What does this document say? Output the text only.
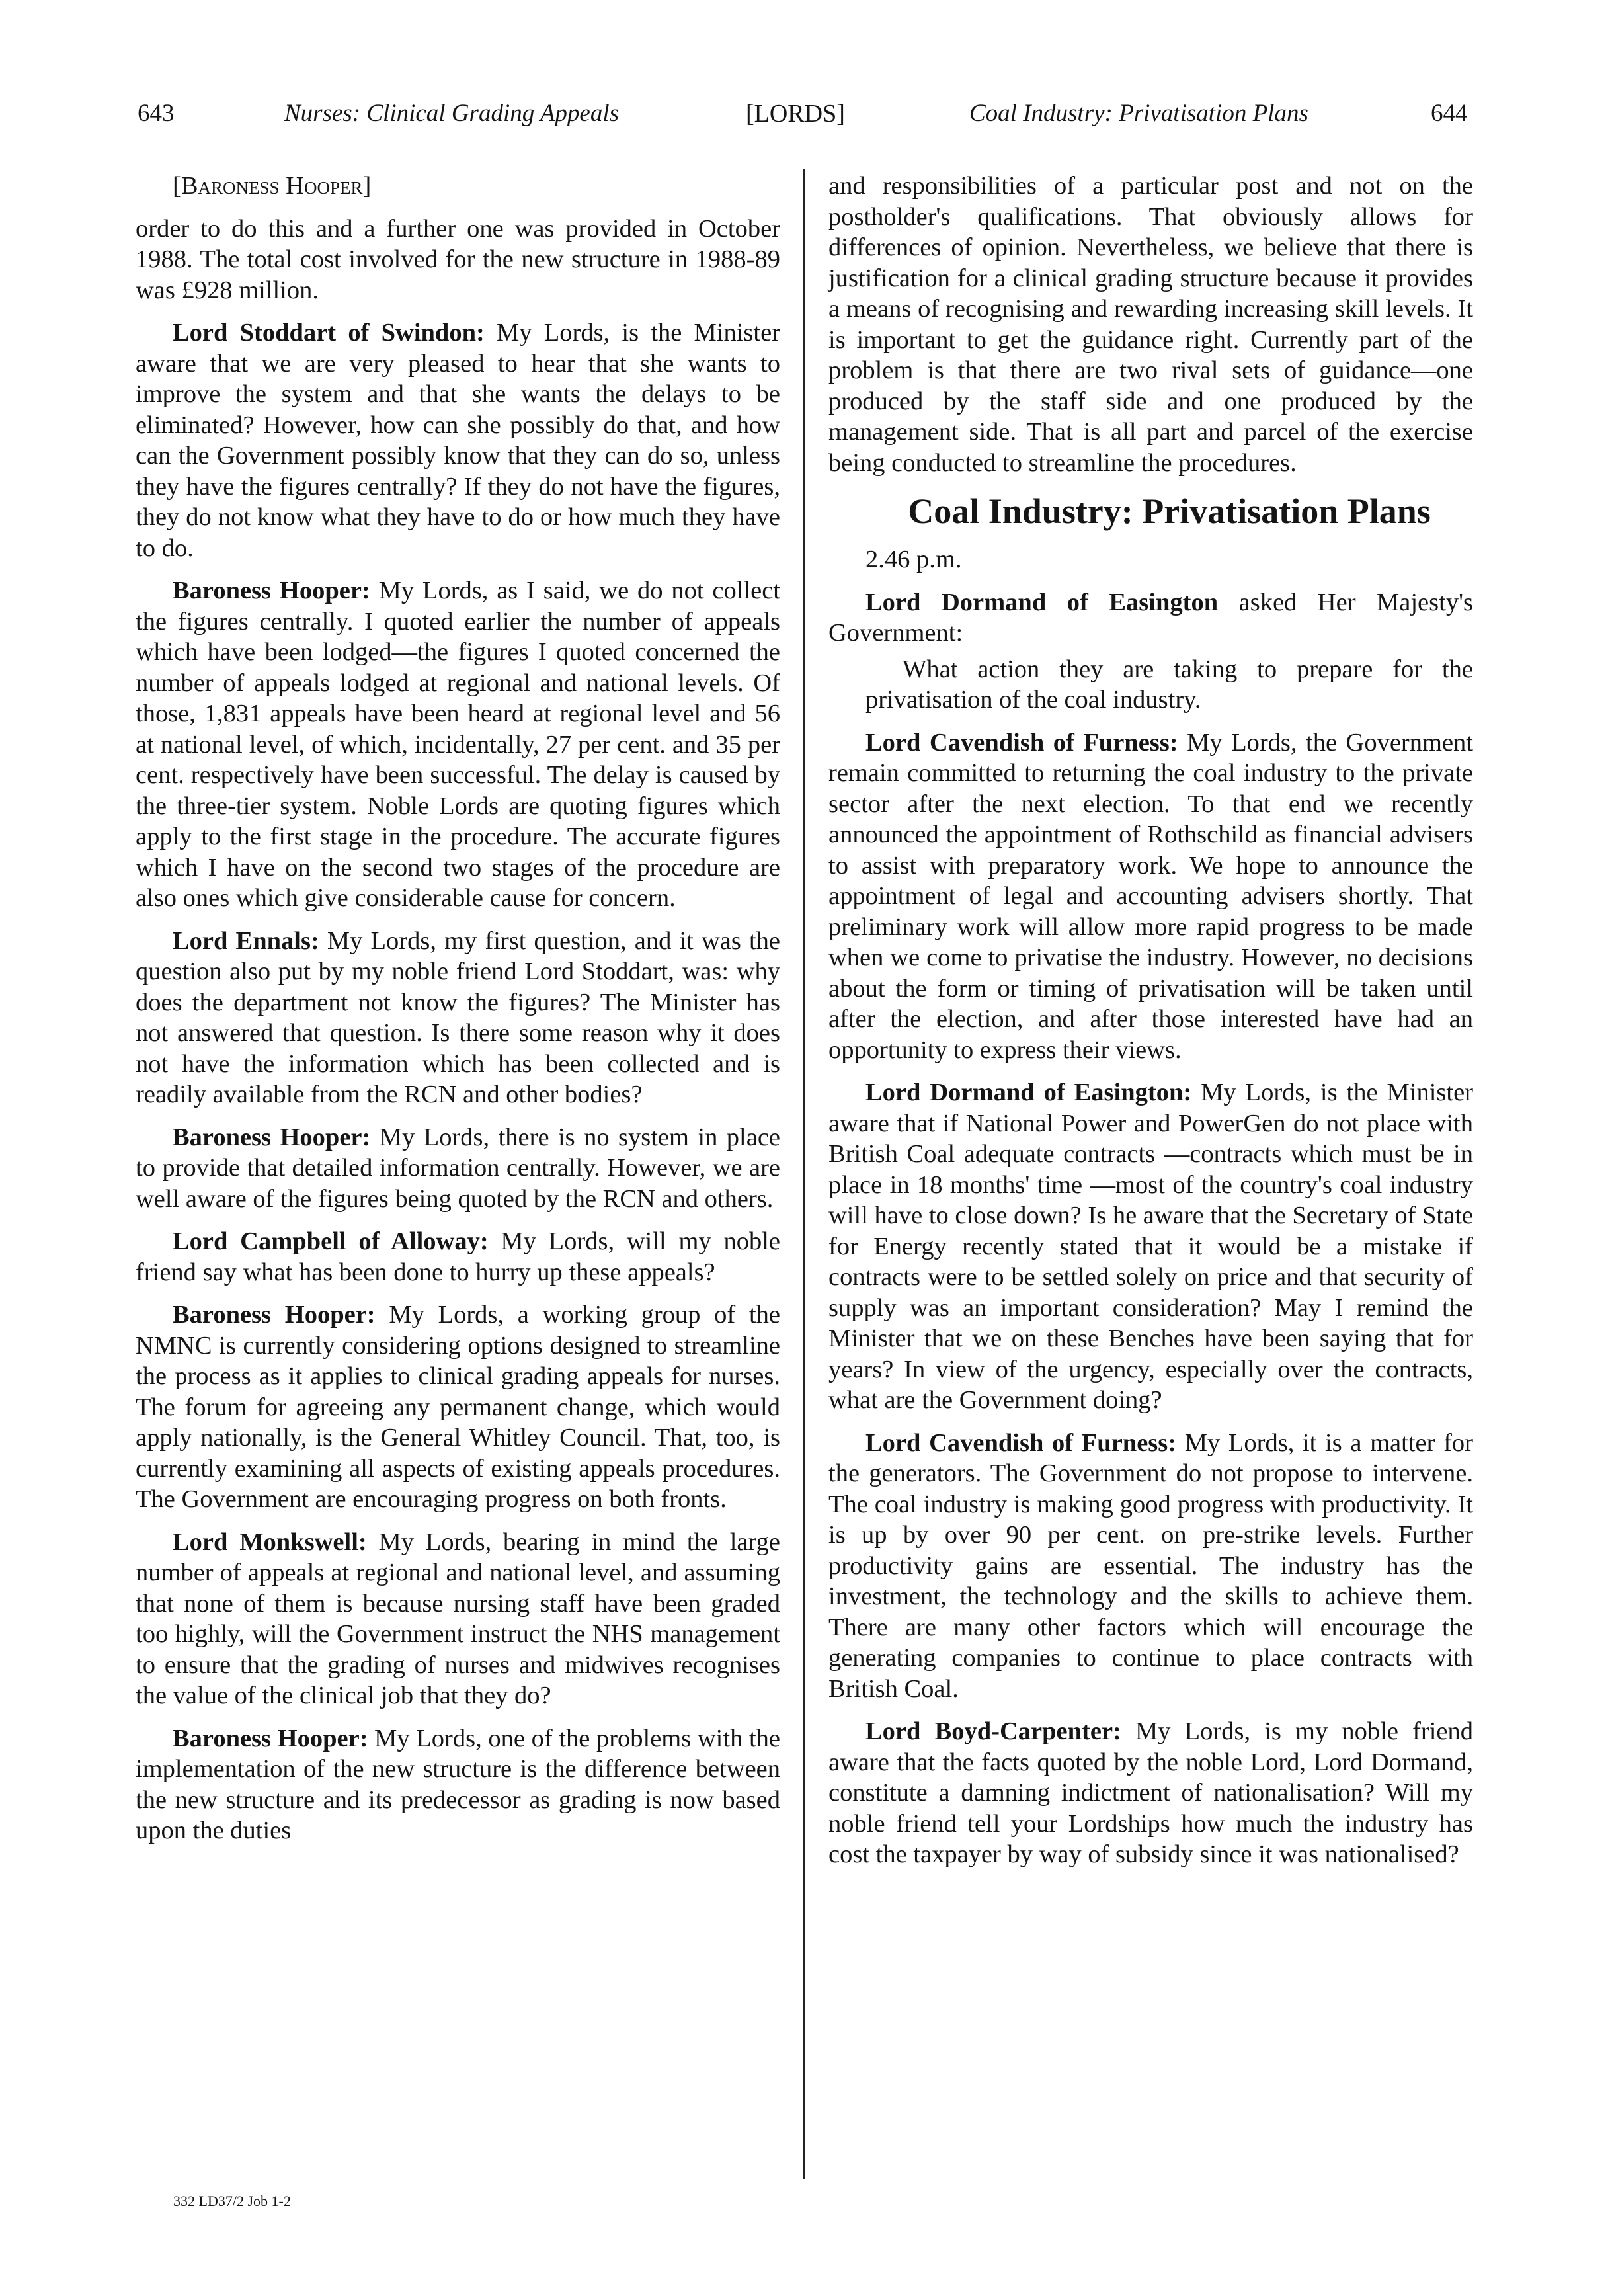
643	Nurses: Clinical Grading Appeals	[LORDS]	Coal Industry: Privatisation Plans	644

[Baroness Hooper]

order to do this and a further one was provided in October 1988. The total cost involved for the new structure in 1988-89 was £928 million.

Lord Stoddart of Swindon: My Lords, is the Minister aware that we are very pleased to hear that she wants to improve the system and that she wants the delays to be eliminated? However, how can she possibly do that, and how can the Government possibly know that they can do so, unless they have the figures centrally? If they do not have the figures, they do not know what they have to do or how much they have to do.

Baroness Hooper: My Lords, as I said, we do not collect the figures centrally. I quoted earlier the number of appeals which have been lodged—the figures I quoted concerned the number of appeals lodged at regional and national levels. Of those, 1,831 appeals have been heard at regional level and 56 at national level, of which, incidentally, 27 per cent. and 35 per cent. respectively have been successful. The delay is caused by the three-tier system. Noble Lords are quoting figures which apply to the first stage in the procedure. The accurate figures which I have on the second two stages of the procedure are also ones which give considerable cause for concern.

Lord Ennals: My Lords, my first question, and it was the question also put by my noble friend Lord Stoddart, was: why does the department not know the figures? The Minister has not answered that question. Is there some reason why it does not have the information which has been collected and is readily available from the RCN and other bodies?

Baroness Hooper: My Lords, there is no system in place to provide that detailed information centrally. However, we are well aware of the figures being quoted by the RCN and others.

Lord Campbell of Alloway: My Lords, will my noble friend say what has been done to hurry up these appeals?

Baroness Hooper: My Lords, a working group of the NMNC is currently considering options designed to streamline the process as it applies to clinical grading appeals for nurses. The forum for agreeing any permanent change, which would apply nationally, is the General Whitley Council. That, too, is currently examining all aspects of existing appeals procedures. The Government are encouraging progress on both fronts.

Lord Monkswell: My Lords, bearing in mind the large number of appeals at regional and national level, and assuming that none of them is because nursing staff have been graded too highly, will the Government instruct the NHS management to ensure that the grading of nurses and midwives recognises the value of the clinical job that they do?

Baroness Hooper: My Lords, one of the problems with the implementation of the new structure is the difference between the new structure and its predecessor as grading is now based upon the duties

and responsibilities of a particular post and not on the postholder's qualifications. That obviously allows for differences of opinion. Nevertheless, we believe that there is justification for a clinical grading structure because it provides a means of recognising and rewarding increasing skill levels. It is important to get the guidance right. Currently part of the problem is that there are two rival sets of guidance—one produced by the staff side and one produced by the management side. That is all part and parcel of the exercise being conducted to streamline the procedures.

Coal Industry: Privatisation Plans

2.46 p.m.

Lord Dormand of Easington asked Her Majesty's Government:

What action they are taking to prepare for the privatisation of the coal industry.

Lord Cavendish of Furness: My Lords, the Government remain committed to returning the coal industry to the private sector after the next election. To that end we recently announced the appointment of Rothschild as financial advisers to assist with preparatory work. We hope to announce the appointment of legal and accounting advisers shortly. That preliminary work will allow more rapid progress to be made when we come to privatise the industry. However, no decisions about the form or timing of privatisation will be taken until after the election, and after those interested have had an opportunity to express their views.

Lord Dormand of Easington: My Lords, is the Minister aware that if National Power and PowerGen do not place with British Coal adequate contracts —contracts which must be in place in 18 months' time —most of the country's coal industry will have to close down? Is he aware that the Secretary of State for Energy recently stated that it would be a mistake if contracts were to be settled solely on price and that security of supply was an important consideration? May I remind the Minister that we on these Benches have been saying that for years? In view of the urgency, especially over the contracts, what are the Government doing?

Lord Cavendish of Furness: My Lords, it is a matter for the generators. The Government do not propose to intervene. The coal industry is making good progress with productivity. It is up by over 90 per cent. on pre-strike levels. Further productivity gains are essential. The industry has the investment, the technology and the skills to achieve them. There are many other factors which will encourage the generating companies to continue to place contracts with British Coal.

Lord Boyd-Carpenter: My Lords, is my noble friend aware that the facts quoted by the noble Lord, Lord Dormand, constitute a damning indictment of nationalisation? Will my noble friend tell your Lordships how much the industry has cost the taxpayer by way of subsidy since it was nationalised?

332 LD37/2 Job 1-2
